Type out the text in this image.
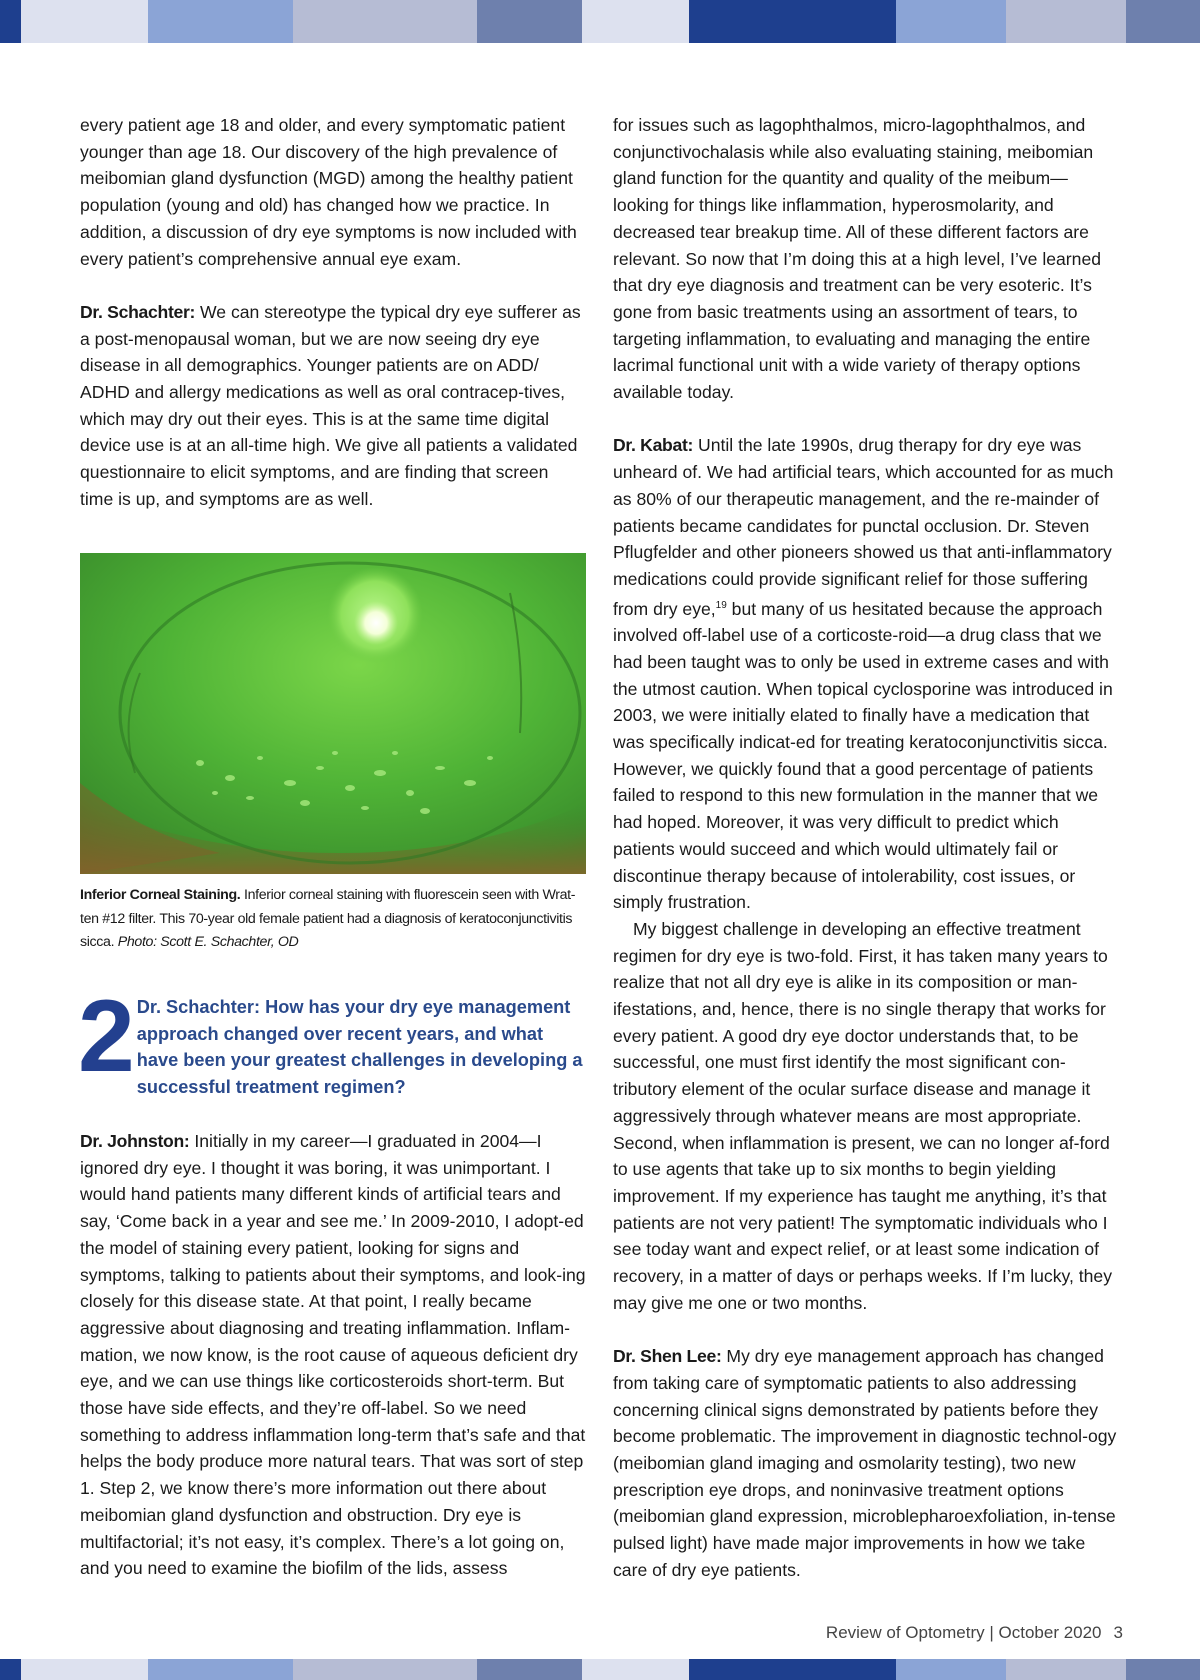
every patient age 18 and older, and every symptomatic patient younger than age 18. Our discovery of the high prevalence of meibomian gland dysfunction (MGD) among the healthy patient population (young and old) has changed how we practice. In addition, a discussion of dry eye symptoms is now included with every patient’s comprehensive annual eye exam.

Dr. Schachter: We can stereotype the typical dry eye sufferer as a post-menopausal woman, but we are now seeing dry eye disease in all demographics. Younger patients are on ADD/ ADHD and allergy medications as well as oral contracep-tives, which may dry out their eyes. This is at the same time digital device use is at an all-time high. We give all patients a validated questionnaire to elicit symptoms, and are finding that screen time is up, and symptoms are as well.

Inferior Corneal Staining. Inferior corneal staining with fluorescein seen with Wrat-ten #12 filter. This 70-year old female patient had a diagnosis of keratoconjunctivitis sicca. Photo: Scott E. Schachter, OD
2 Dr. Schachter: How has your dry eye management approach changed over recent years, and what have been your greatest challenges in developing a successful treatment regimen?

Dr. Johnston: Initially in my career—I graduated in 2004—I ignored dry eye. I thought it was boring, it was unimportant. I would hand patients many different kinds of artificial tears and say, ‘Come back in a year and see me.’ In 2009-2010, I adopt-ed the model of staining every patient, looking for signs and symptoms, talking to patients about their symptoms, and look-ing closely for this disease state. At that point, I really became aggressive about diagnosing and treating inflammation. Inflam-mation, we now know, is the root cause of aqueous deficient dry eye, and we can use things like corticosteroids short-term. But those have side effects, and they’re off-label. So we need something to address inflammation long-term that’s safe and that helps the body produce more natural tears. That was sort of step 1. Step 2, we know there’s more information out there about meibomian gland dysfunction and obstruction. Dry eye is multifactorial; it’s not easy, it’s complex. There’s a lot going on, and you need to examine the biofilm of the lids, assess

for issues such as lagophthalmos, micro-lagophthalmos, and conjunctivochalasis while also evaluating staining, meibomian gland function for the quantity and quality of the meibum—looking for things like inflammation, hyperosmolarity, and decreased tear breakup time. All of these different factors are relevant. So now that I’m doing this at a high level, I’ve learned that dry eye diagnosis and treatment can be very esoteric. It’s gone from basic treatments using an assortment of tears, to targeting inflammation, to evaluating and managing the entire lacrimal functional unit with a wide variety of therapy options available today.

Dr. Kabat: Until the late 1990s, drug therapy for dry eye was unheard of. We had artificial tears, which accounted for as much as 80% of our therapeutic management, and the re-mainder of patients became candidates for punctal occlusion. Dr. Steven Pflugfelder and other pioneers showed us that anti-inflammatory medications could provide significant relief for those suffering from dry eye,$^{19}$ but many of us hesitated because the approach involved off-label use of a corticoste-roid—a drug class that we had been taught was to only be used in extreme cases and with the utmost caution. When topical cyclosporine was introduced in 2003, we were initially elated to finally have a medication that was specifically indicat-ed for treating keratoconjunctivitis sicca. However, we quickly found that a good percentage of patients failed to respond to this new formulation in the manner that we had hoped. Moreover, it was very difficult to predict which patients would succeed and which would ultimately fail or discontinue therapy because of intolerability, cost issues, or simply frustration.

My biggest challenge in developing an effective treatment regimen for dry eye is two-fold. First, it has taken many years to realize that not all dry eye is alike in its composition or man-ifestations, and, hence, there is no single therapy that works for every patient. A good dry eye doctor understands that, to be successful, one must first identify the most significant con-tributory element of the ocular surface disease and manage it aggressively through whatever means are most appropriate. Second, when inflammation is present, we can no longer af-ford to use agents that take up to six months to begin yielding improvement. If my experience has taught me anything, it’s that patients are not very patient! The symptomatic individuals who I see today want and expect relief, or at least some indication of recovery, in a matter of days or perhaps weeks. If I’m lucky, they may give me one or two months.

Dr. Shen Lee: My dry eye management approach has changed from taking care of symptomatic patients to also addressing concerning clinical signs demonstrated by patients before they become problematic. The improvement in diagnostic technol-ogy (meibomian gland imaging and osmolarity testing), two new prescription eye drops, and noninvasive treatment options (meibomian gland expression, microblepharoexfoliation, in-tense pulsed light) have made major improvements in how we take care of dry eye patients.

Review of Optometry | October 2020 3
